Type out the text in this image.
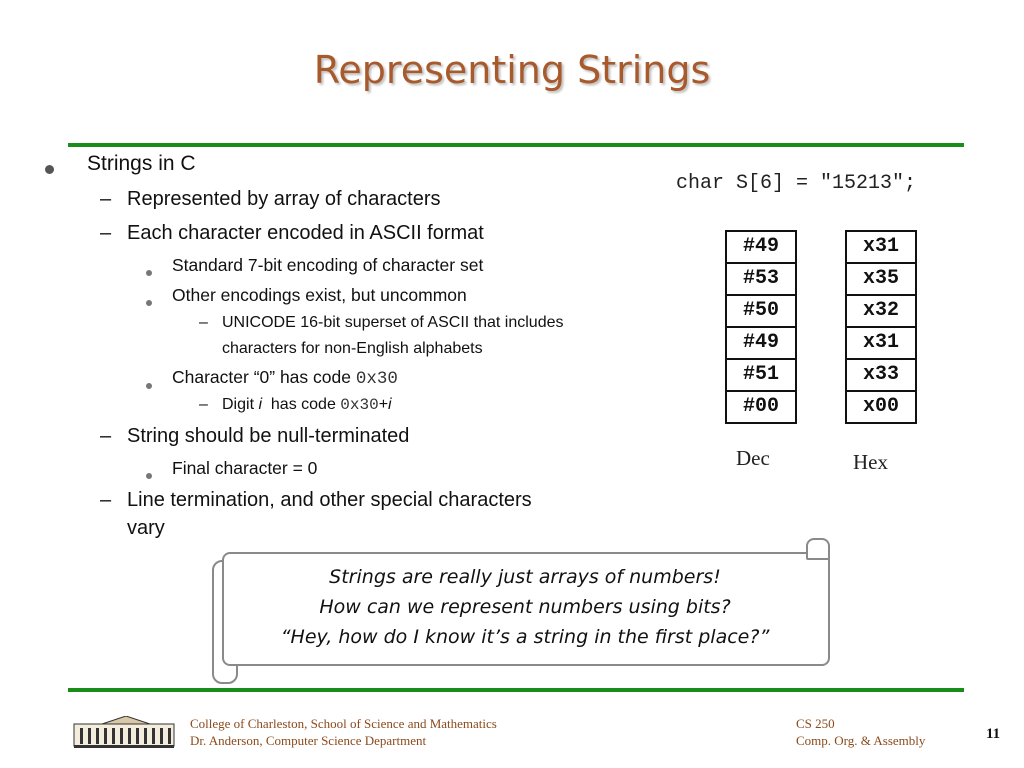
Representing Strings
Strings in C
– Represented by array of characters
– Each character encoded in ASCII format
Standard 7-bit encoding of character set
Other encodings exist, but uncommon
– UNICODE 16-bit superset of ASCII that includes
characters for non-English alphabets
Character “0” has code 0x30
– Digit i  has code 0x30+i
– String should be null-terminated
Final character = 0
– Line termination, and other special characters
vary
char S[6] = "15213";
#49
#53
#50
#49
#51
#00
x31
x35
x32
x31
x33
x00
Dec	Hex
Strings are really just arrays of numbers!
How can we represent numbers using bits?
“Hey, how do I know it’s a string in the first place?”
College of Charleston, School of Science and Mathematics
Dr. Anderson, Computer Science Department
CS 250
Comp. Org. & Assembly	11
